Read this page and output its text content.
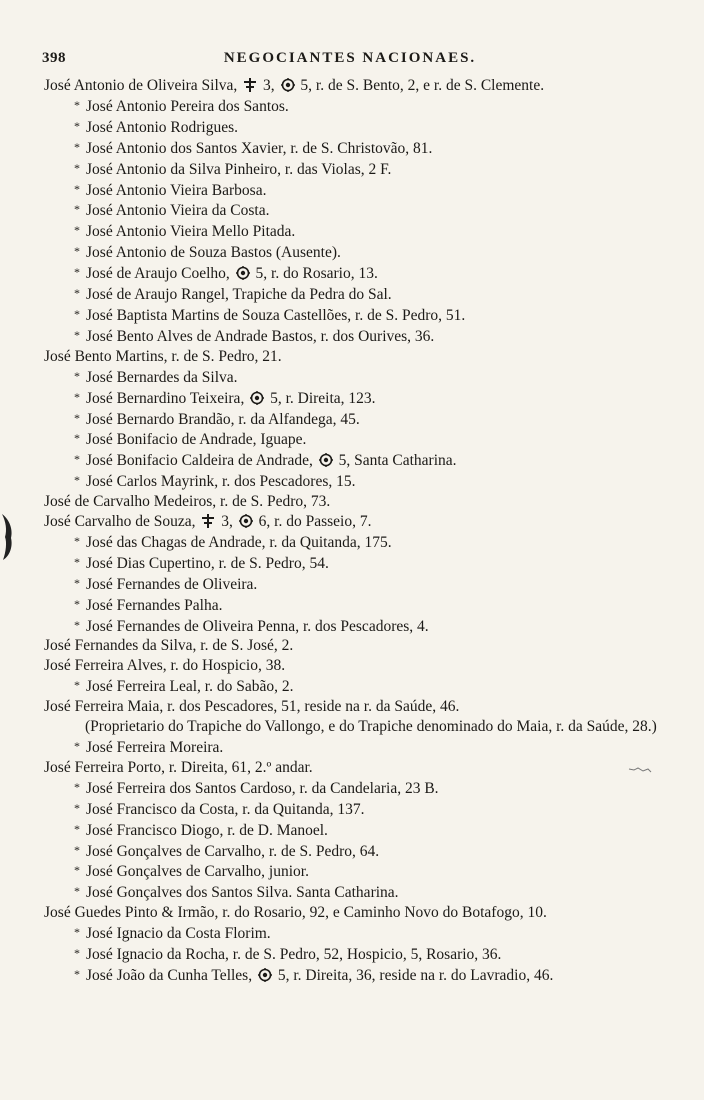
398	NEGOCIANTES NACIONAES.
José Antonio de Oliveira Silva,  3,  5, r. de S. Bento, 2, e r. de S. Clemente.
* José Antonio Pereira dos Santos.
* José Antonio Rodrigues.
* José Antonio dos Santos Xavier, r. de S. Christovão, 81.
* José Antonio da Silva Pinheiro, r. das Violas, 2 F.
* José Antonio Vieira Barbosa.
* José Antonio Vieira da Costa.
* José Antonio Vieira Mello Pitada.
* José Antonio de Souza Bastos (Ausente).
* José de Araujo Coelho,  5, r. do Rosario, 13.
* José de Araujo Rangel, Trapiche da Pedra do Sal.
* José Baptista Martins de Souza Castellões, r. de S. Pedro, 51.
* José Bento Alves de Andrade Bastos, r. dos Ourives, 36.
José Bento Martins, r. de S. Pedro, 21.
* José Bernardes da Silva.
* José Bernardino Teixeira,  5, r. Direita, 123.
* José Bernardo Brandão, r. da Alfandega, 45.
* José Bonifacio de Andrade, Iguape.
* José Bonifacio Caldeira de Andrade,  5, Santa Catharina.
* José Carlos Mayrink, r. dos Pescadores, 15.
José de Carvalho Medeiros, r. de S. Pedro, 73.
José Carvalho de Souza,  3,  6, r. do Passeio, 7.
* José das Chagas de Andrade, r. da Quitanda, 175.
* José Dias Cupertino, r. de S. Pedro, 54.
* José Fernandes de Oliveira.
* José Fernandes Palha.
* José Fernandes de Oliveira Penna, r. dos Pescadores, 4.
José Fernandes da Silva, r. de S. José, 2.
José Ferreira Alves, r. do Hospicio, 38.
* José Ferreira Leal, r. do Sabão, 2.
José Ferreira Maia, r. dos Pescadores, 51, reside na r. da Saúde, 46.
(Proprietario do Trapiche do Vallongo, e do Trapiche denominado do Maia, r. da Saúde, 28.)
* José Ferreira Moreira.
José Ferreira Porto, r. Direita, 61, 2.º andar.
* José Ferreira dos Santos Cardoso, r. da Candelaria, 23 B.
* José Francisco da Costa, r. da Quitanda, 137.
* José Francisco Diogo, r. de D. Manoel.
* José Gonçalves de Carvalho, r. de S. Pedro, 64.
* José Gonçalves de Carvalho, junior.
* José Gonçalves dos Santos Silva. Santa Catharina.
José Guedes Pinto & Irmão, r. do Rosario, 92, e Caminho Novo do Botafogo, 10.
* José Ignacio da Costa Florim.
* José Ignacio da Rocha, r. de S. Pedro, 52, Hospicio, 5, Rosario, 36.
* José João da Cunha Telles,  5, r. Direita, 36, reside na r. do Lavradio, 46.
